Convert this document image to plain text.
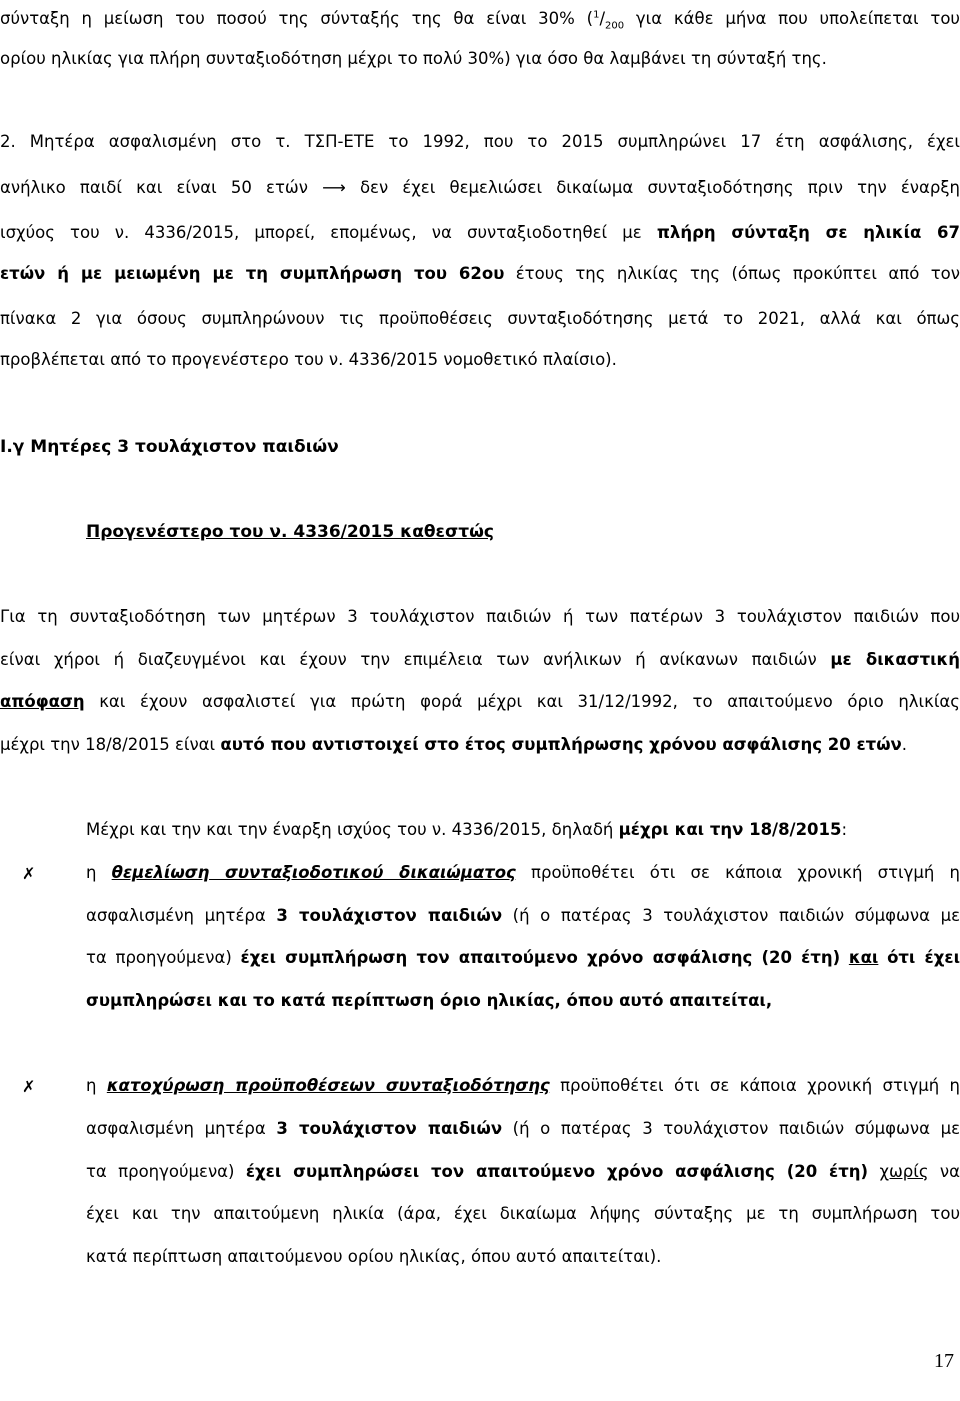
σύνταξη η μείωση του ποσού της σύνταξής της θα είναι 30% ($^1/_{200}$ για κάθε μήνα που υπολείπεται του
ορίου ηλικίας για πλήρη συνταξιοδότηση μέχρι το πολύ 30%) για όσο θα λαμβάνει τη σύνταξή της.
2. Μητέρα ασφαλισμένη στο τ. ΤΣΠ-ΕΤΕ το 1992, που το 2015 συμπληρώνει 17 έτη ασφάλισης, έχει
ανήλικο παιδί και είναι 50 ετών ⟶ δεν έχει θεμελιώσει δικαίωμα συνταξιοδότησης πριν την έναρξη
ισχύος του ν. 4336/2015, μπορεί, επομένως, να συνταξιοδοτηθεί με πλήρη σύνταξη σε ηλικία 67
ετών ή με μειωμένη με τη συμπλήρωση του 62ου έτους της ηλικίας της (όπως προκύπτει από τον
πίνακα 2 για όσους συμπληρώνουν τις προϋποθέσεις συνταξιοδότησης μετά το 2021, αλλά και όπως
προβλέπεται από το προγενέστερο του ν. 4336/2015 νομοθετικό πλαίσιο).
Ι.γ Μητέρες 3 τουλάχιστον παιδιών
Προγενέστερο του ν. 4336/2015 καθεστώς
Για τη συνταξιοδότηση των μητέρων 3 τουλάχιστον παιδιών ή των πατέρων 3 τουλάχιστον παιδιών που
είναι χήροι ή διαζευγμένοι και έχουν την επιμέλεια των ανήλικων ή ανίκανων παιδιών με δικαστική
απόφαση και έχουν ασφαλιστεί για πρώτη φορά μέχρι και 31/12/1992, το απαιτούμενο όριο ηλικίας
μέχρι την 18/8/2015 είναι αυτό που αντιστοιχεί στο έτος συμπλήρωσης χρόνου ασφάλισης 20 ετών.
Μέχρι και την και την έναρξη ισχύος του ν. 4336/2015, δηλαδή μέχρι και την 18/8/2015:
✗	η θεμελίωση συνταξιοδοτικού δικαιώματος προϋποθέτει ότι σε κάποια χρονική στιγμή η
ασφαλισμένη μητέρα 3 τουλάχιστον παιδιών (ή ο πατέρας 3 τουλάχιστον παιδιών σύμφωνα με
τα προηγούμενα) έχει συμπλήρωση τον απαιτούμενο χρόνο ασφάλισης (20 έτη) και ότι έχει
συμπληρώσει και το κατά περίπτωση όριο ηλικίας, όπου αυτό απαιτείται,
✗	η κατοχύρωση προϋποθέσεων συνταξιοδότησης προϋποθέτει ότι σε κάποια χρονική στιγμή η
ασφαλισμένη μητέρα 3 τουλάχιστον παιδιών (ή ο πατέρας 3 τουλάχιστον παιδιών σύμφωνα με
τα προηγούμενα) έχει συμπληρώσει τον απαιτούμενο χρόνο ασφάλισης (20 έτη) χωρίς να
έχει και την απαιτούμενη ηλικία (άρα, έχει δικαίωμα λήψης σύνταξης με τη συμπλήρωση του
κατά περίπτωση απαιτούμενου ορίου ηλικίας, όπου αυτό απαιτείται).
17
